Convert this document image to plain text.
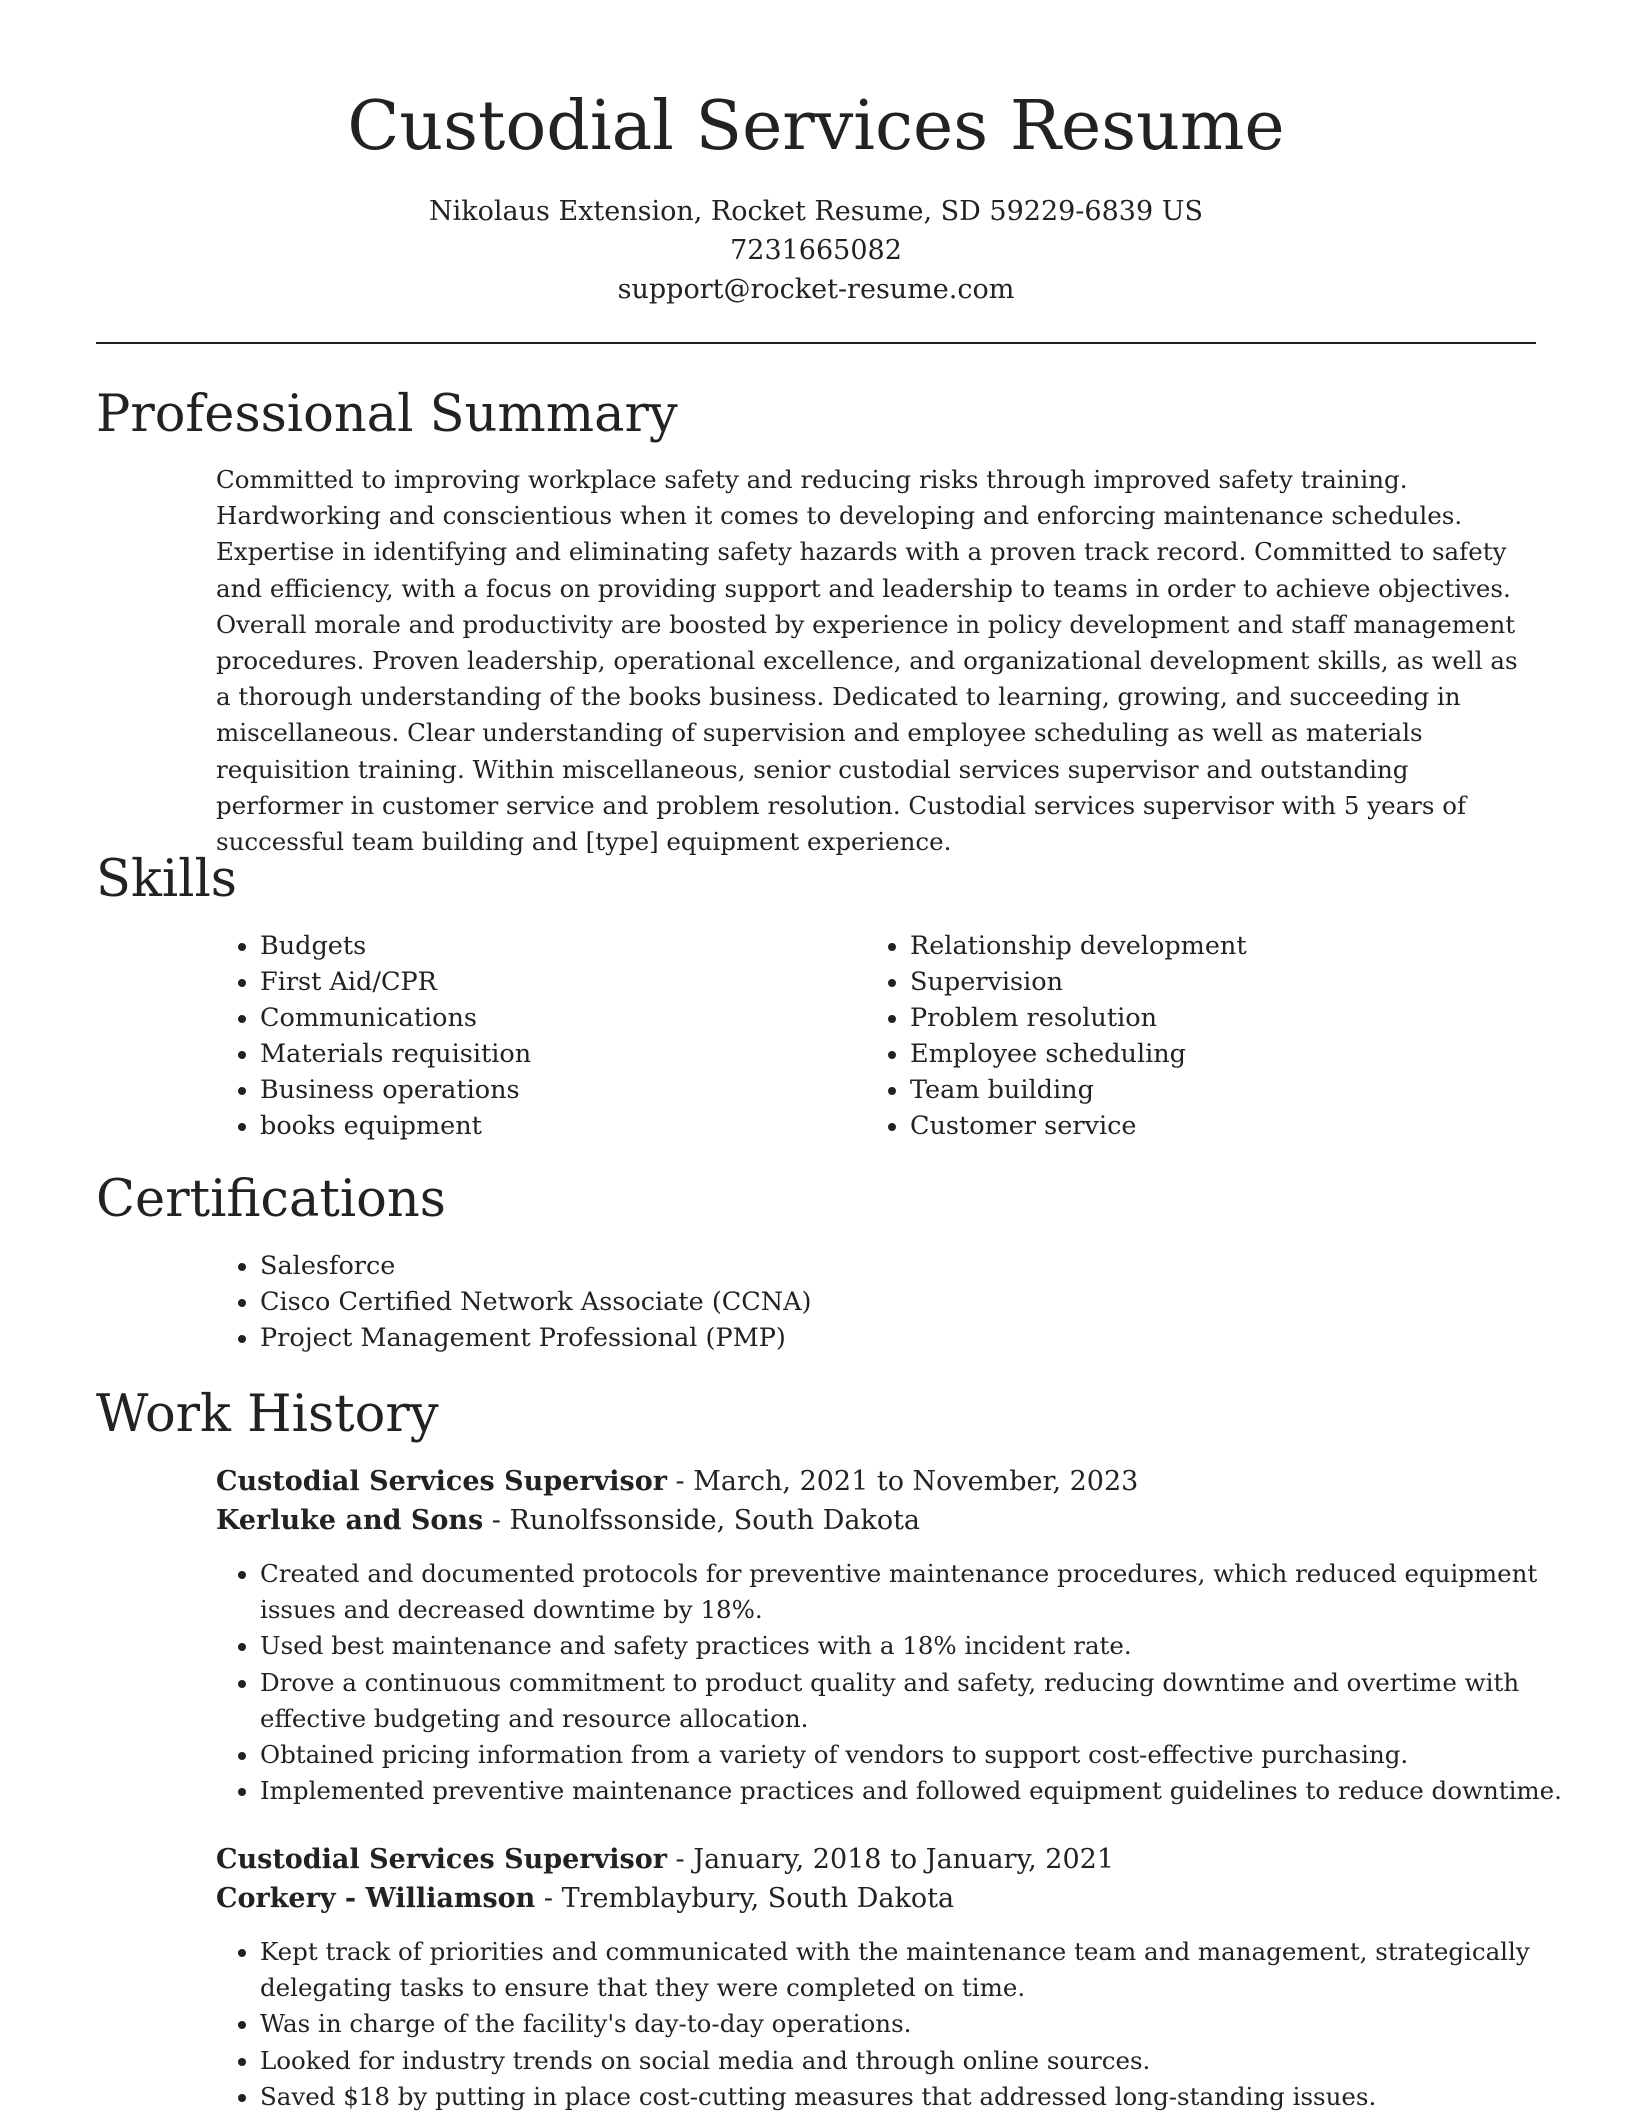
Custodial Services Resume
Nikolaus Extension, Rocket Resume, SD 59229-6839 US
7231665082
support@rocket-resume.com
Professional Summary

Committed to improving workplace safety and reducing risks through improved safety training. Hardworking and conscientious when it comes to developing and enforcing maintenance schedules. Expertise in identifying and eliminating safety hazards with a proven track record. Committed to safety and efficiency, with a focus on providing support and leadership to teams in order to achieve objectives. Overall morale and productivity are boosted by experience in policy development and staff management procedures. Proven leadership, operational excellence, and organizational development skills, as well as a thorough understanding of the books business. Dedicated to learning, growing, and succeeding in miscellaneous. Clear understanding of supervision and employee scheduling as well as materials requisition training. Within miscellaneous, senior custodial services supervisor and outstanding performer in customer service and problem resolution. Custodial services supervisor with 5 years of successful team building and [type] equipment experience.

Skills
• Budgets
• First Aid/CPR
• Communications
• Materials requisition
• Business operations
• books equipment
• Relationship development
• Supervision
• Problem resolution
• Employee scheduling
• Team building
• Customer service
Certifications
• Salesforce
• Cisco Certified Network Associate (CCNA)
• Project Management Professional (PMP)
Work History
Custodial Services Supervisor - March, 2021 to November, 2023
Kerluke and Sons - Runolfssonside, South Dakota
• Created and documented protocols for preventive maintenance procedures, which reduced equipment issues and decreased downtime by 18%.
• Used best maintenance and safety practices with a 18% incident rate.
• Drove a continuous commitment to product quality and safety, reducing downtime and overtime with effective budgeting and resource allocation.
• Obtained pricing information from a variety of vendors to support cost-effective purchasing.
• Implemented preventive maintenance practices and followed equipment guidelines to reduce downtime.
Custodial Services Supervisor - January, 2018 to January, 2021
Corkery - Williamson - Tremblaybury, South Dakota
• Kept track of priorities and communicated with the maintenance team and management, strategically delegating tasks to ensure that they were completed on time.
• Was in charge of the facility's day-to-day operations.
• Looked for industry trends on social media and through online sources.
• Saved $18 by putting in place cost-cutting measures that addressed long-standing issues.
